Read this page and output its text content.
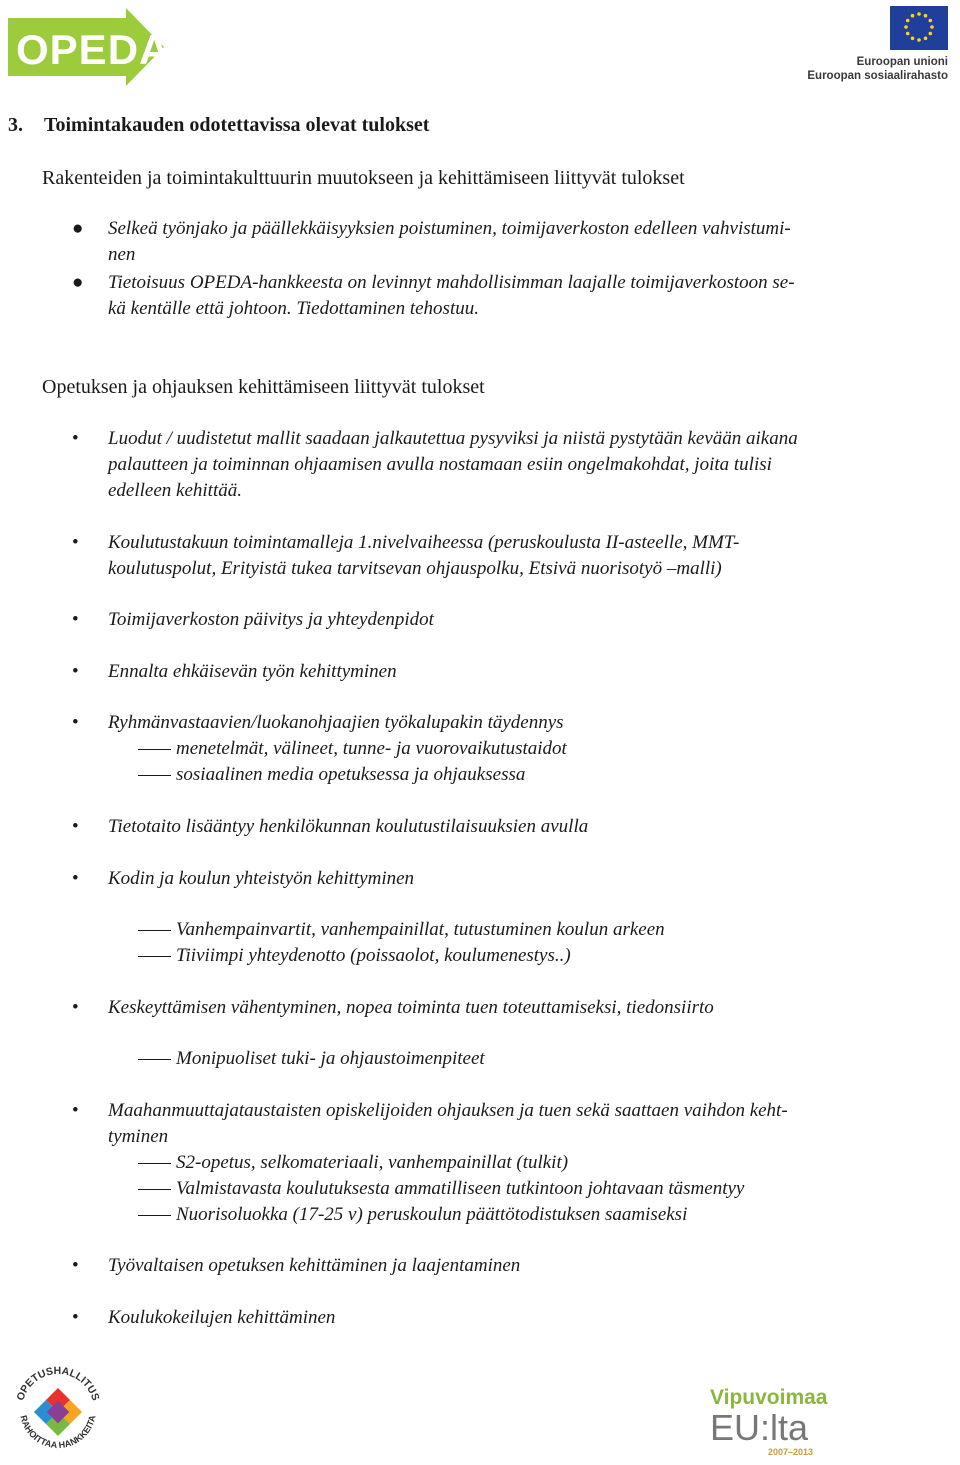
OPEDA	Euroopan unioni
Euroopan sosiaalirahasto
3. Toimintakauden odotettavissa olevat tulokset
Rakenteiden ja toimintakulttuurin muutokseen ja kehittämiseen liittyvät tulokset
● Selkeä työnjako ja päällekkäisyyksien poistuminen, toimijaverkoston edelleen vahvistumi-
nen
● Tietoisuus OPEDA-hankkeesta on levinnyt mahdollisimman laajalle toimijaverkostoon se-
kä kentälle että johtoon. Tiedottaminen tehostuu.
Opetuksen ja ohjauksen kehittämiseen liittyvät tulokset
• Luodut / uudistetut mallit saadaan jalkautettua pysyviksi ja niistä pystytään kevään aikana
palautteen ja toiminnan ohjaamisen avulla nostamaan esiin ongelmakohdat, joita tulisi
edelleen kehittää.
• Koulutustakuun toimintamalleja 1.nivelvaiheessa (peruskoulusta II-asteelle, MMT-
koulutuspolut, Erityistä tukea tarvitsevan ohjauspolku, Etsivä nuorisotyö –malli)
• Toimijaverkoston päivitys ja yhteydenpidot
• Ennalta ehkäisevän työn kehittyminen
• Ryhmänvastaavien/luokanohjaajien työkalupakin täydennys
menetelmät, välineet, tunne- ja vuorovaikutustaidot
sosiaalinen media opetuksessa ja ohjauksessa
• Tietotaito lisääntyy henkilökunnan koulutustilaisuuksien avulla
• Kodin ja koulun yhteistyön kehittyminen
Vanhempainvartit, vanhempainillat, tutustuminen koulun arkeen
Tiiviimpi yhteydenotto (poissaolot, koulumenestys..)
• Keskeyttämisen vähentyminen, nopea toiminta tuen toteuttamiseksi, tiedonsiirto
Monipuoliset tuki- ja ohjaustoimenpiteet
• Maahanmuuttajataustaisten opiskelijoiden ohjauksen ja tuen sekä saattaen vaihdon keht-
tyminen
S2-opetus, selkomateriaali, vanhempainillat (tulkit)
Valmistavasta koulutuksesta ammatilliseen tutkintoon johtavaan täsmentyy
Nuorisoluokka (17-25 v) peruskoulun päättötodistuksen saamiseksi
• Työvaltaisen opetuksen kehittäminen ja laajentaminen
• Koulukokeilujen kehittäminen
OPETUSHALLITUS
RAHOITTAA HANKKEITA
Vipuvoimaa
EU:lta
2007–2013
